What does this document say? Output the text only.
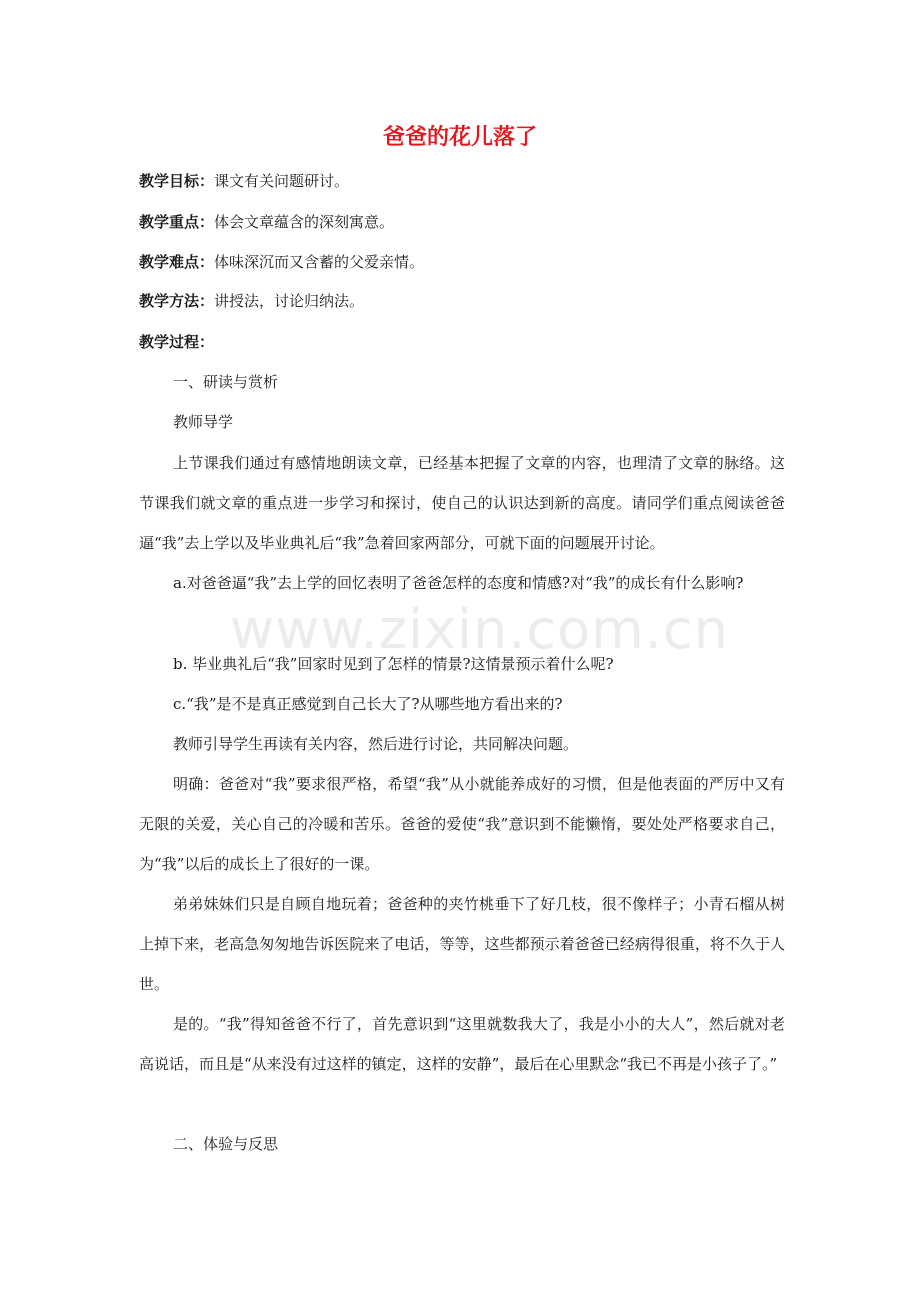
www.zixin.com.cn
爸爸的花儿落了
教学目标：课文有关问题研讨。
教学重点：体会文章蕴含的深刻寓意。
教学难点：体味深沉而又含蓄的父爱亲情。
教学方法：讲授法，讨论归纳法。
教学过程：
一、研读与赏析
教师导学
上节课我们通过有感情地朗读文章，已经基本把握了文章的内容，也理清了文章的脉络。这节课我们就文章的重点进一步学习和探讨，使自己的认识达到新的高度。请同学们重点阅读爸爸逼“我”去上学以及毕业典礼后“我”急着回家两部分，可就下面的问题展开讨论。
a.对爸爸逼“我”去上学的回忆表明了爸爸怎样的态度和情感?对“我”的成长有什么影响?
b. 毕业典礼后“我”回家时见到了怎样的情景?这情景预示着什么呢?
c.“我”是不是真正感觉到自己长大了?从哪些地方看出来的?
教师引导学生再读有关内容，然后进行讨论，共同解决问题。
明确：爸爸对“我”要求很严格，希望“我”从小就能养成好的习惯，但是他表面的严厉中又有无限的关爱，关心自己的冷暖和苦乐。爸爸的爱使“我”意识到不能懒惰，要处处严格要求自己，为“我”以后的成长上了很好的一课。
弟弟妹妹们只是自顾自地玩着；爸爸种的夹竹桃垂下了好几枝，很不像样子；小青石榴从树上掉下来，老高急匆匆地告诉医院来了电话，等等，这些都预示着爸爸已经病得很重，将不久于人世。
是的。“我”得知爸爸不行了，首先意识到“这里就数我大了，我是小小的大人”，然后就对老高说话，而且是“从来没有过这样的镇定，这样的安静”，最后在心里默念“我已不再是小孩子了。”
二、体验与反思
